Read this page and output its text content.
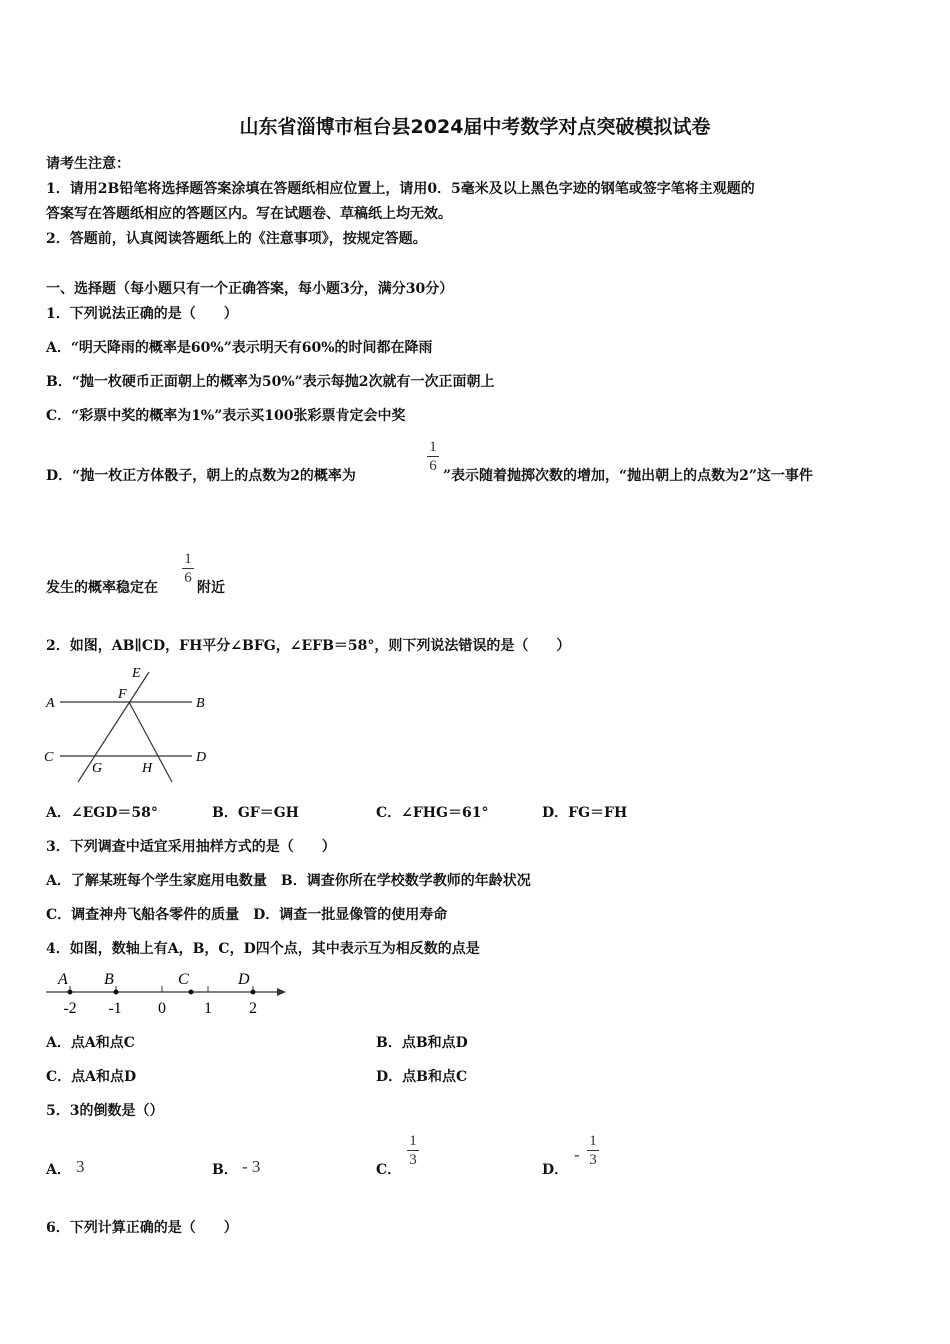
山东省淄博市桓台县2024届中考数学对点突破模拟试卷
请考生注意：
1．请用2B铅笔将选择题答案涂填在答题纸相应位置上，请用0．5毫米及以上黑色字迹的钢笔或签字笔将主观题的
答案写在答题纸相应的答题区内。写在试题卷、草稿纸上均无效。
2．答题前，认真阅读答题纸上的《注意事项》，按规定答题。
一、选择题（每小题只有一个正确答案，每小题3分，满分30分）
1．下列说法正确的是（　　）
A．“明天降雨的概率是60%”表示明天有60%的时间都在降雨
B．“抛一枚硬币正面朝上的概率为50%”表示每抛2次就有一次正面朝上
C．“彩票中奖的概率为1%”表示买100张彩票肯定会中奖
D．“抛一枚正方体骰子，朝上的点数为2的概率为
1
6
”表示随着抛掷次数的增加，“抛出朝上的点数为2”这一事件
发生的概率稳定在
1
6
附近
2．如图，AB∥CD，FH平分∠BFG，∠EFB＝58°，则下列说法错误的是（　　）
A	B
C	D
E
F
G	H
A．∠EGD＝58°	B．GF＝GH	C．∠FHG＝61°	D．FG＝FH
3．下列调查中适宜采用抽样方式的是（　　）
A．了解某班每个学生家庭用电数量　B．调查你所在学校数学教师的年龄状况
C．调查神舟飞船各零件的质量　D．调查一批显像管的使用寿命
4．如图，数轴上有A，B，C，D四个点，其中表示互为相反数的点是
A B	C	D
-2 -1 0 1 2
A．点A和点C	B．点B和点D
C．点A和点D	D．点B和点C
5．3的倒数是（）
A． 3	B． - 3	C．
1
3
D．
-
1
3
6．下列计算正确的是（　　）
